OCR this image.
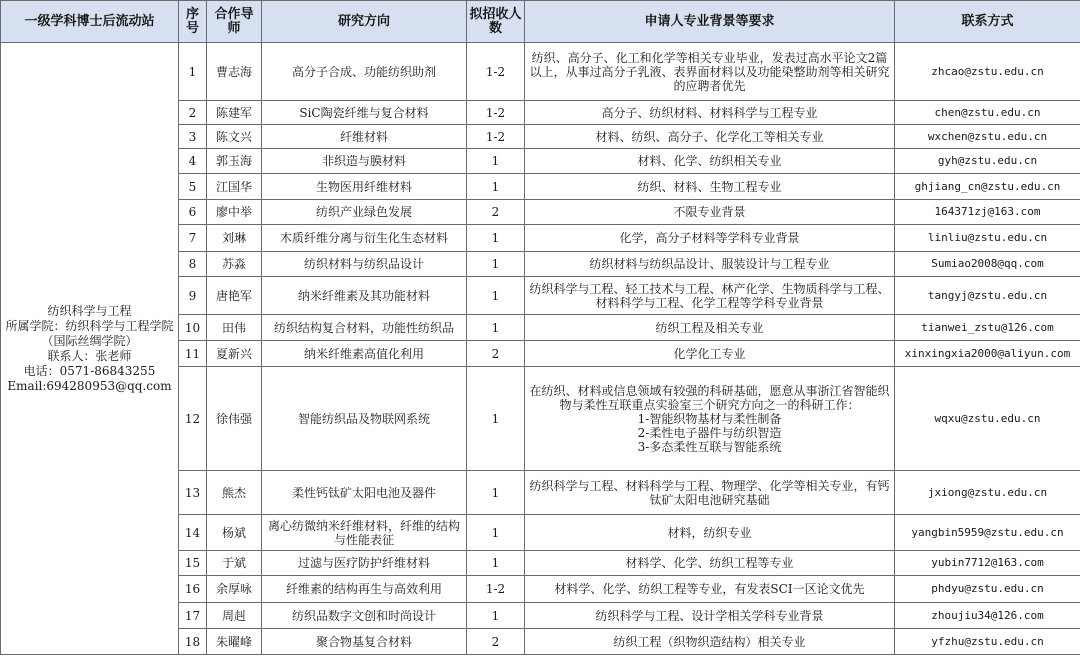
一级学科博士后流动站	序号	合作导师	研究方向	拟招收人数	申请人专业背景等要求	联系方式

纺织科学与工程
所属学院：纺织科学与工程学院（国际丝绸学院）
联系人：张老师
电话：0571-86843255
Email:694280953@qq.com	1	曹志海	高分子合成、功能纺织助剂	1-2	纺织、高分子、化工和化学等相关专业毕业，发表过高水平论文2篇以上，从事过高分子乳液、表界面材料以及功能染整助剂等相关研究的应聘者优先	zhcao@zstu.edu.cn
	2	陈建军	SiC陶瓷纤维与复合材料	1-2	高分子、纺织材料、材料科学与工程专业	chen@zstu.edu.cn
	3	陈文兴	纤维材料	1-2	材料、纺织、高分子、化学化工等相关专业	wxchen@zstu.edu.cn
	4	郭玉海	非织造与膜材料	1	材料、化学、纺织相关专业	gyh@zstu.edu.cn
	5	江国华	生物医用纤维材料	1	纺织、材料、生物工程专业	ghjiang_cn@zstu.edu.cn
	6	廖中举	纺织产业绿色发展	2	不限专业背景	164371zj@163.com
	7	刘琳	木质纤维分离与衍生化生态材料	1	化学，高分子材料等学科专业背景	linliu@zstu.edu.cn
	8	苏淼	纺织材料与纺织品设计	1	纺织材料与纺织品设计、服装设计与工程专业	Sumiao2008@qq.com
	9	唐艳军	纳米纤维素及其功能材料	1	纺织科学与工程、轻工技术与工程、林产化学、生物质科学与工程、材料科学与工程、化学工程等学科专业背景	tangyj@zstu.edu.cn
	10	田伟	纺织结构复合材料，功能性纺织品	1	纺织工程及相关专业	tianwei_zstu@126.com
	11	夏新兴	纳米纤维素高值化利用	2	化学化工专业	xinxingxia2000@aliyun.com
	12	徐伟强	智能纺织品及物联网系统	1	在纺织、材料或信息领域有较强的科研基础，愿意从事浙江省智能织物与柔性互联重点实验室三个研究方向之一的科研工作：
1-智能织物基材与柔性制备
2-柔性电子器件与纺织智造
3-多态柔性互联与智能系统	wqxu@zstu.edu.cn
	13	熊杰	柔性钙钛矿太阳电池及器件	1	纺织科学与工程、材料科学与工程、物理学、化学等相关专业，有钙钛矿太阳电池研究基础	jxiong@zstu.edu.cn
	14	杨斌	离心纺微纳米纤维材料，纤维的结构与性能表征	1	材料，纺织专业	yangbin5959@zstu.edu.cn
	15	于斌	过滤与医疗防护纤维材料	1	材料学、化学、纺织工程等专业	yubin7712@163.com
	16	余厚咏	纤维素的结构再生与高效利用	1-2	材料学、化学、纺织工程等专业，有发表SCI一区论文优先	phdyu@zstu.edu.cn
	17	周赳	纺织品数字文创和时尚设计	1	纺织科学与工程、设计学相关学科专业背景	zhoujiu34@126.com
	18	朱曜峰	聚合物基复合材料	2	纺织工程（织物织造结构）相关专业	yfzhu@zstu.edu.cn
